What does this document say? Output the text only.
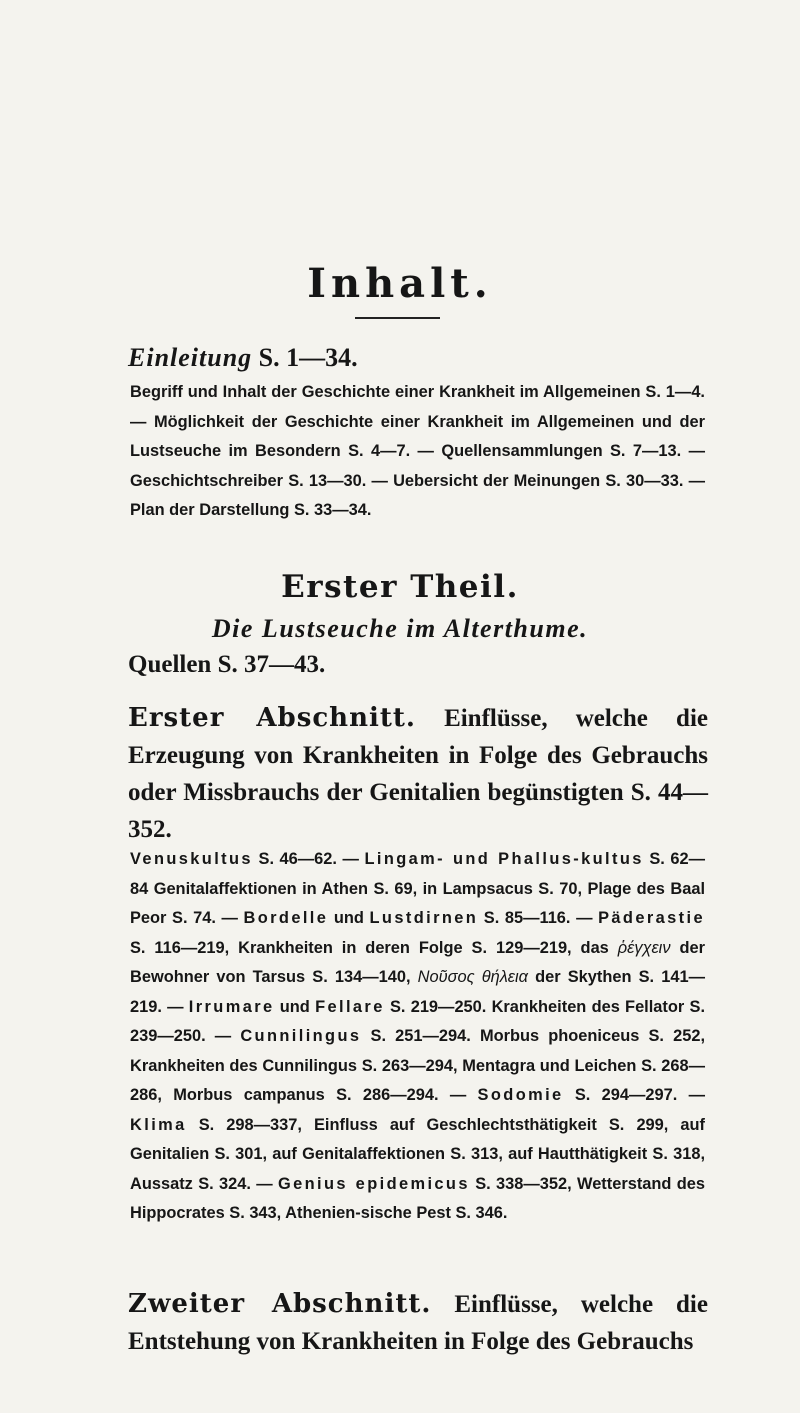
Inhalt.
Einleitung S. 1—34.
Begriff und Inhalt der Geschichte einer Krankheit im Allgemeinen S. 1—4. — Möglichkeit der Geschichte einer Krankheit im Allgemeinen und der Lustseuche im Besondern S. 4—7. — Quellensammlungen S. 7—13. — Geschichtschreiber S. 13—30. — Uebersicht der Meinungen S. 30—33. — Plan der Darstellung S. 33—34.
Erster Theil.
Die Lustseuche im Alterthume.
Quellen S. 37—43.
Erster Abschnitt. Einflüsse, welche die Erzeugung von Krankheiten in Folge des Gebrauchs oder Missbrauchs der Genitalien begünstigten S. 44—352.
Venuskultus S. 46—62. — Lingam- und Phallus-kultus S. 62—84 Genitalaffektionen in Athen S. 69, in Lampsacus S. 70, Plage des Baal Peor S. 74. — Bordelle und Lustdirnen S. 85—116. — Päderastie S. 116—219, Krankheiten in deren Folge S. 129—219, das ῥέγχειν der Bewohner von Tarsus S. 134—140, Νοῦσος θήλεια der Skythen S. 141—219. — Irrumare und Fellare S. 219—250. Krankheiten des Fellator S. 239—250. — Cunnilingus S. 251—294. Morbus phoeniceus S. 252, Krankheiten des Cunnilingus S. 263—294, Mentagra und Leichen S. 268—286, Morbus campanus S. 286—294. — Sodomie S. 294—297. — Klima S. 298—337, Einfluss auf Geschlechtsthätigkeit S. 299, auf Genitalien S. 301, auf Genitalaffektionen S. 313, auf Hautthätigkeit S. 318, Aussatz S. 324. — Genius epidemicus S. 338—352, Wetterstand des Hippocrates S. 343, Athenien-sische Pest S. 346.
Zweiter Abschnitt. Einflüsse, welche die Entstehung von Krankheiten in Folge des Gebrauchs
